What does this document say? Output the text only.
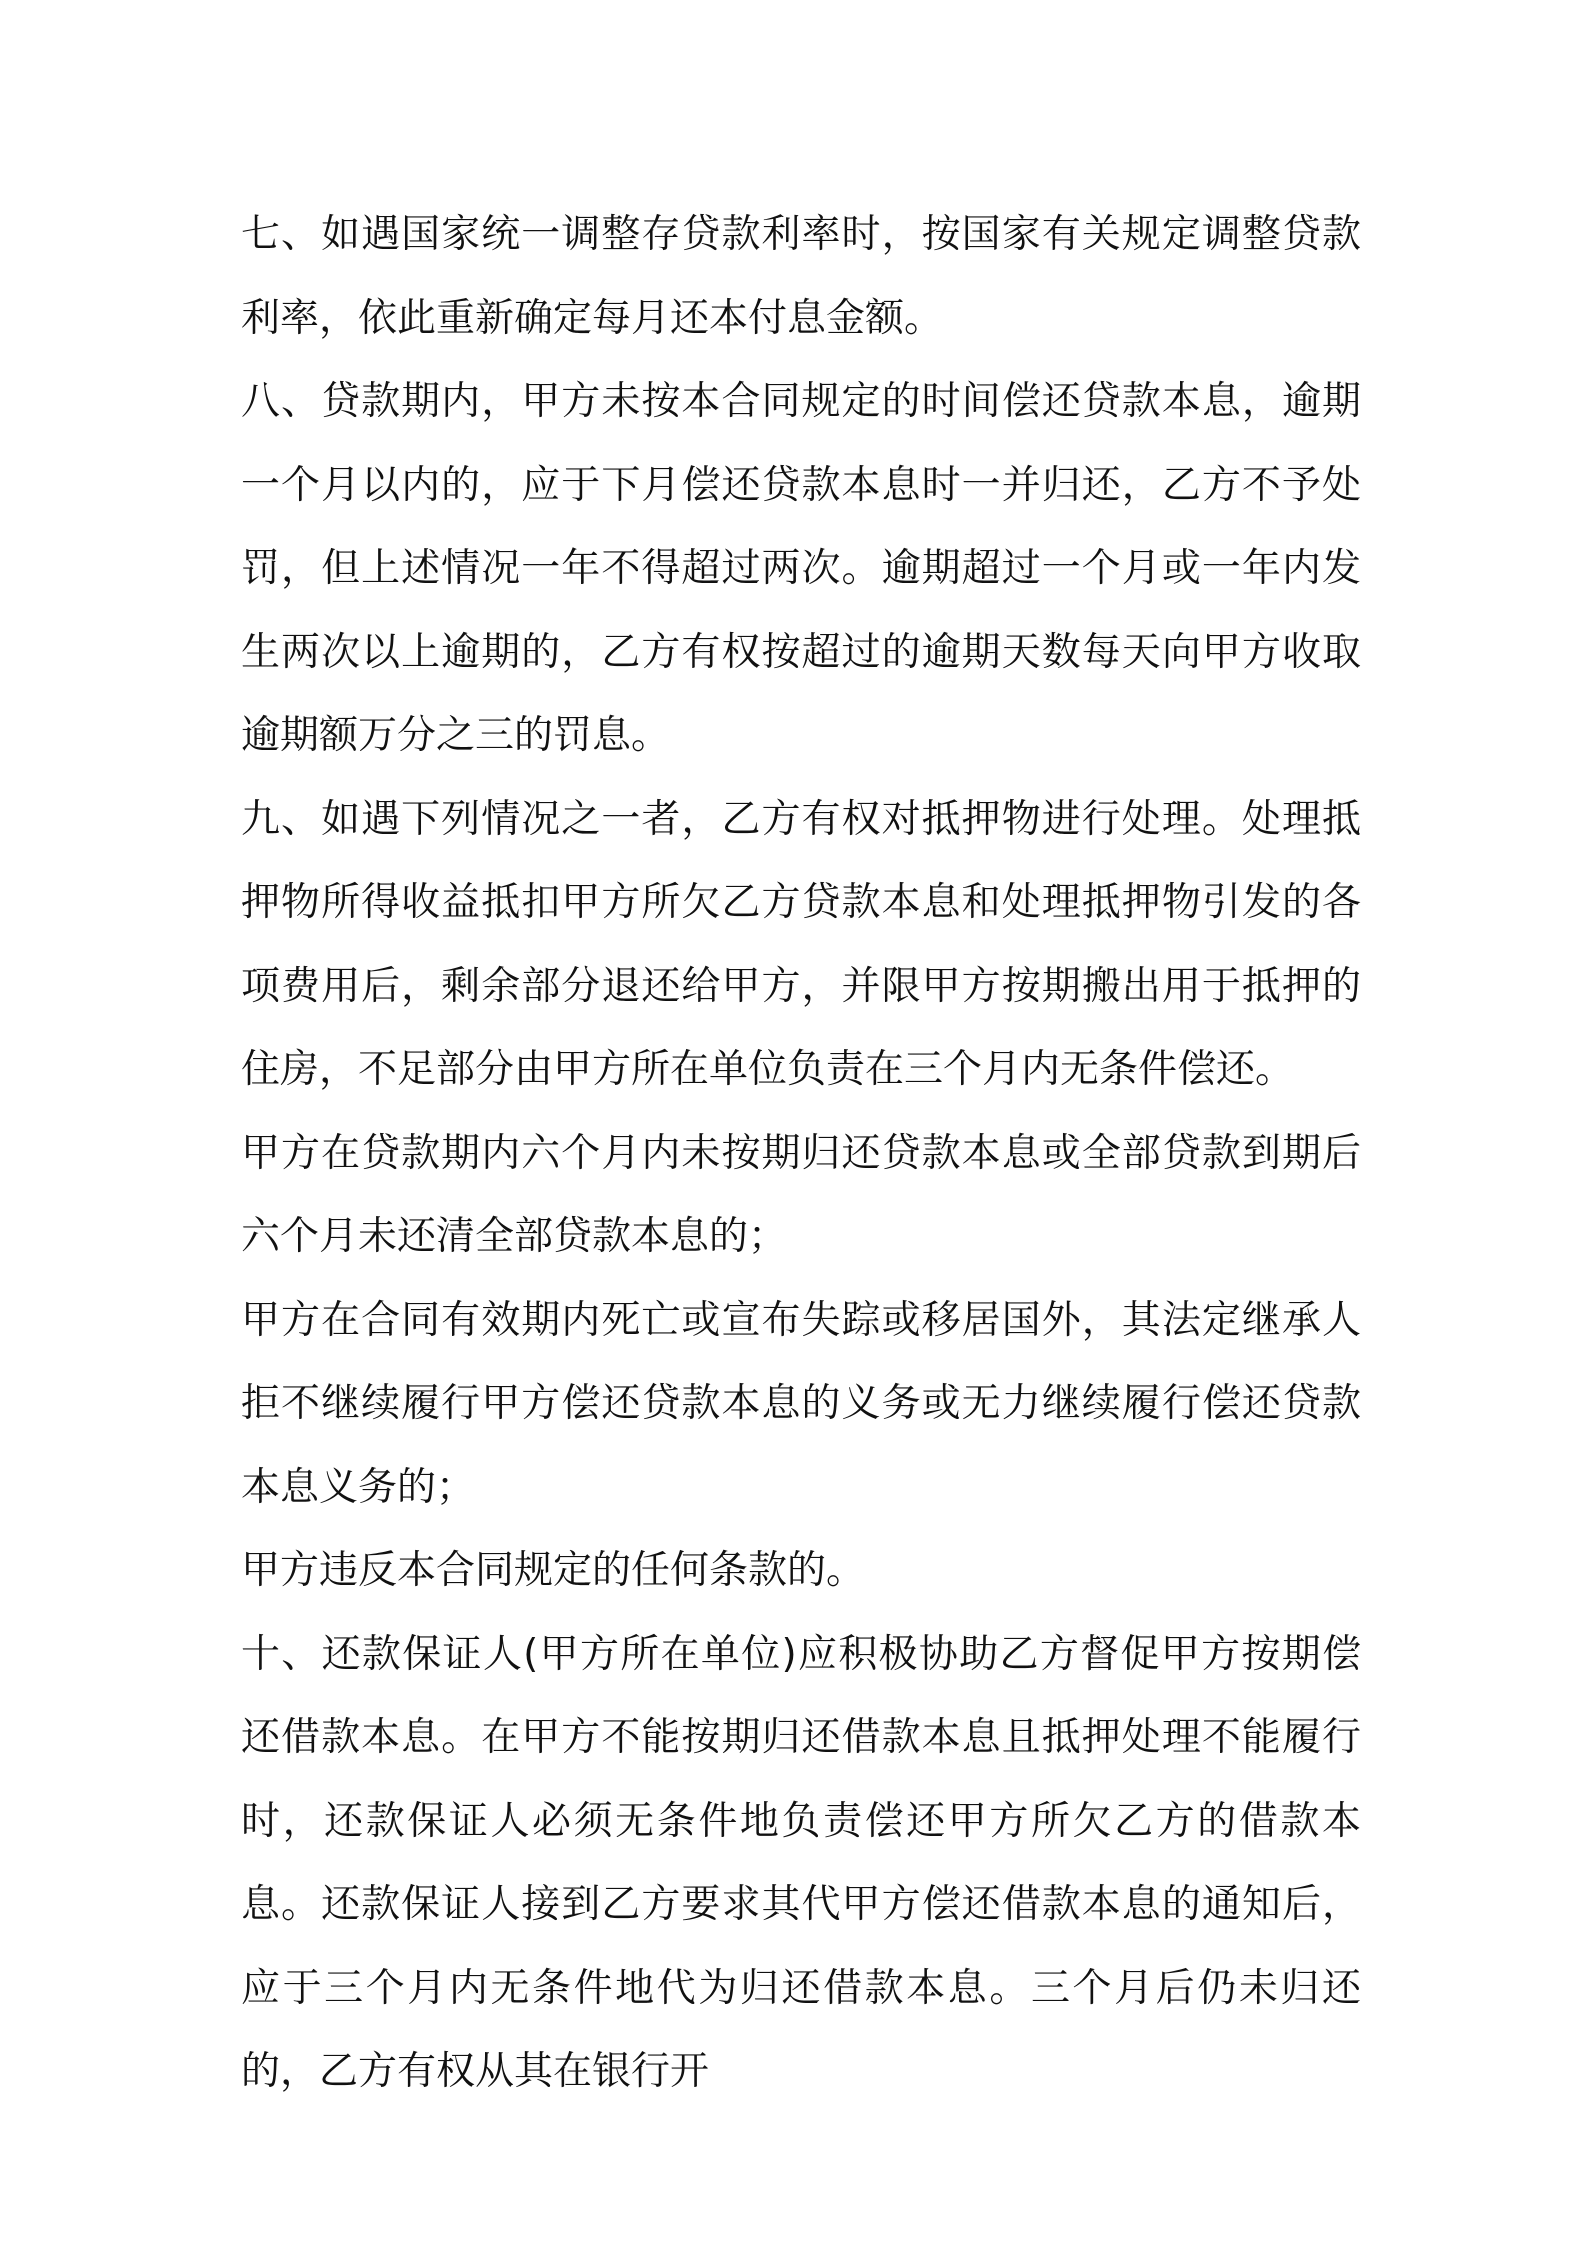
七、如遇国家统一调整存贷款利率时，按国家有关规定调整贷款利率，依此重新确定每月还本付息金额。

八、贷款期内，甲方未按本合同规定的时间偿还贷款本息，逾期一个月以内的，应于下月偿还贷款本息时一并归还，乙方不予处罚，但上述情况一年不得超过两次。逾期超过一个月或一年内发生两次以上逾期的，乙方有权按超过的逾期天数每天向甲方收取逾期额万分之三的罚息。

九、如遇下列情况之一者，乙方有权对抵押物进行处理。处理抵押物所得收益抵扣甲方所欠乙方贷款本息和处理抵押物引发的各项费用后，剩余部分退还给甲方，并限甲方按期搬出用于抵押的住房，不足部分由甲方所在单位负责在三个月内无条件偿还。

甲方在贷款期内六个月内未按期归还贷款本息或全部贷款到期后六个月未还清全部贷款本息的；

甲方在合同有效期内死亡或宣布失踪或移居国外，其法定继承人拒不继续履行甲方偿还贷款本息的义务或无力继续履行偿还贷款本息义务的；

甲方违反本合同规定的任何条款的。

十、还款保证人(甲方所在单位)应积极协助乙方督促甲方按期偿还借款本息。在甲方不能按期归还借款本息且抵押处理不能履行时，还款保证人必须无条件地负责偿还甲方所欠乙方的借款本息。还款保证人接到乙方要求其代甲方偿还借款本息的通知后，应于三个月内无条件地代为归还借款本息。三个月后仍未归还的，乙方有权从其在银行开
